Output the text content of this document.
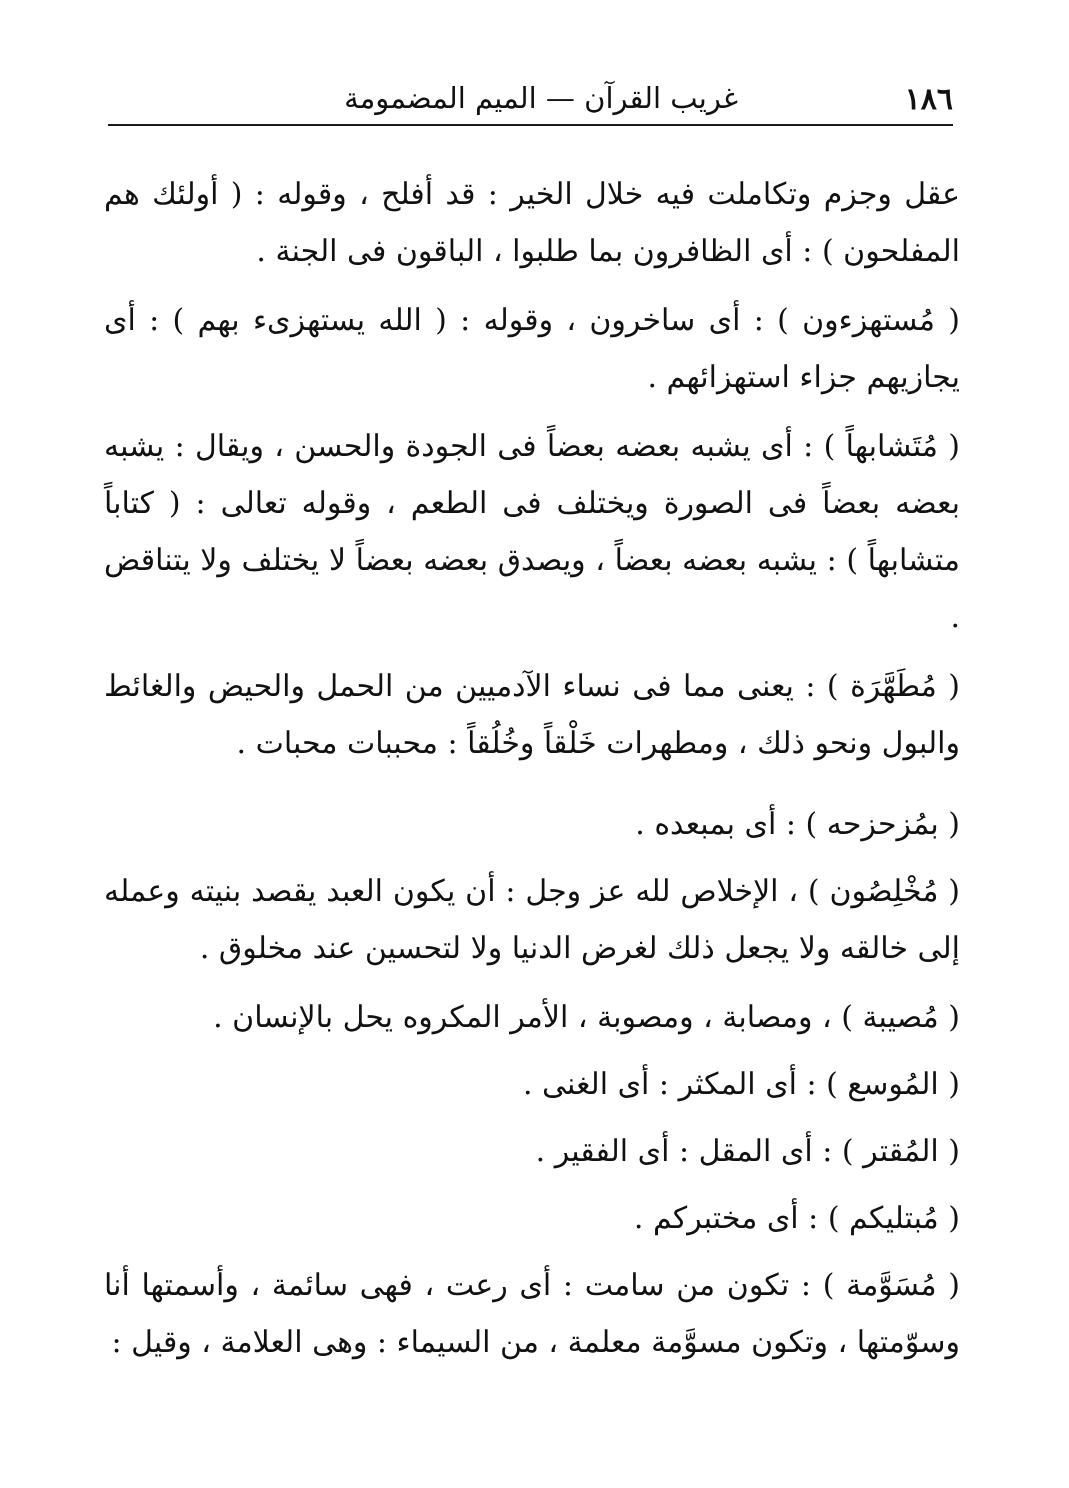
١٨٦
غريب القرآن — الميم المضمومة

عقل وجزم وتكاملت فيه خلال الخير : قد أفلح ، وقوله : ( أولئك هم المفلحون ) : أى الظافرون بما طلبوا ، الباقون فى الجنة .

( مُستهزءون ) : أى ساخرون ، وقوله : ( الله يستهزىء بهم ) : أى يجازيهم جزاء استهزائهم .

( مُتَشابهاً ) : أى يشبه بعضه بعضاً فى الجودة والحسن ، ويقال : يشبه بعضه بعضاً فى الصورة ويختلف فى الطعم ، وقوله تعالى : ( كتاباً متشابهاً ) : يشبه بعضه بعضاً ، ويصدق بعضه بعضاً لا يختلف ولا يتناقض .

( مُطَهَّرَة ) : يعنى مما فى نساء الآدميين من الحمل والحيض والغائط والبول ونحو ذلك ، ومطهرات خَلْقاً وخُلُقاً : محببات محبات .

( بمُزحزحه ) : أى بمبعده .

( مُخْلِصُون ) ، الإخلاص لله عز وجل : أن يكون العبد يقصد بنيته وعمله إلى خالقه ولا يجعل ذلك لغرض الدنيا ولا لتحسين عند مخلوق .

( مُصيبة ) ، ومصابة ، ومصوبة ، الأمر المكروه يحل بالإنسان .

( المُوسع ) : أى المكثر : أى الغنى .

( المُقتر ) : أى المقل : أى الفقير .

( مُبتليكم ) : أى مختبركم .

( مُسَوَّمة ) : تكون من سامت : أى رعت ، فهى سائمة ، وأسمتها أنا وسوّمتها ، وتكون مسوَّمة معلمة ، من السيماء : وهى العلامة ، وقيل :
